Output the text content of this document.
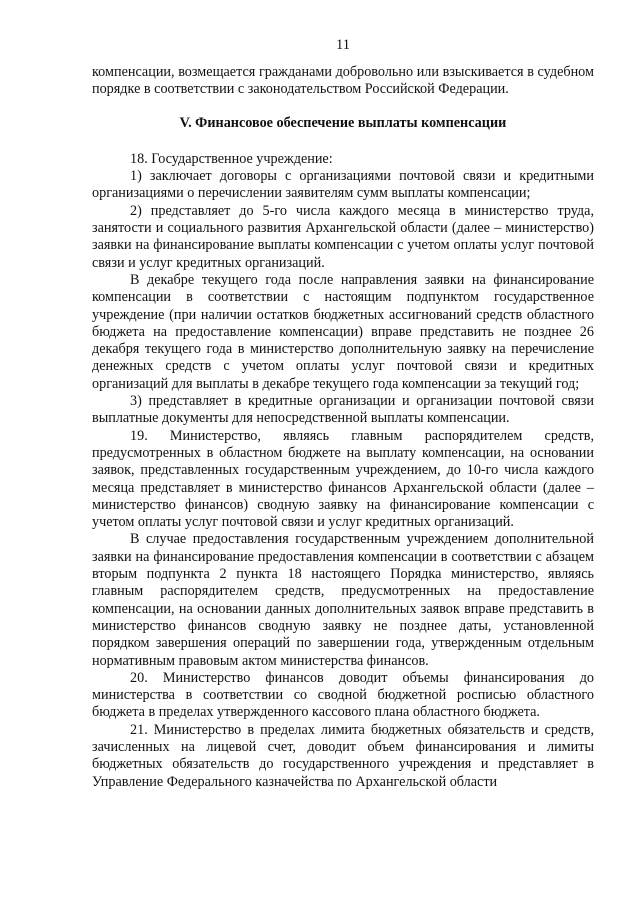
11

компенсации, возмещается гражданами добровольно или взыскивается в судебном порядке в соответствии с законодательством Российской Федерации.

V. Финансовое обеспечение выплаты компенсации

18. Государственное учреждение:

1) заключает договоры с организациями почтовой связи и кредитными организациями о перечислении заявителям сумм выплаты компенсации;

2) представляет до 5-го числа каждого месяца в министерство труда, занятости и социального развития Архангельской области (далее – министерство) заявки на финансирование выплаты компенсации с учетом оплаты услуг почтовой связи и услуг кредитных организаций.

В декабре текущего года после направления заявки на финансирование компенсации в соответствии с настоящим подпунктом государственное учреждение (при наличии остатков бюджетных ассигнований средств областного бюджета на предоставление компенсации) вправе представить не позднее 26 декабря текущего года в министерство дополнительную заявку на перечисление денежных средств с учетом оплаты услуг почтовой связи и кредитных организаций для выплаты в декабре текущего года компенсации за текущий год;

3) представляет в кредитные организации и организации почтовой связи выплатные документы для непосредственной выплаты компенсации.

19. Министерство, являясь главным распорядителем средств, предусмотренных в областном бюджете на выплату компенсации, на основании заявок, представленных государственным учреждением, до 10-го числа каждого месяца представляет в министерство финансов Архангельской области (далее – министерство финансов) сводную заявку на финансирование компенсации с учетом оплаты услуг почтовой связи и услуг кредитных организаций.

В случае предоставления государственным учреждением дополнительной заявки на финансирование предоставления компенсации в соответствии с абзацем вторым подпункта 2 пункта 18 настоящего Порядка министерство, являясь главным распорядителем средств, предусмотренных на предоставление компенсации, на основании данных дополнительных заявок вправе представить в министерство финансов сводную заявку не позднее даты, установленной порядком завершения операций по завершении года, утвержденным отдельным нормативным правовым актом министерства финансов.

20. Министерство финансов доводит объемы финансирования до министерства в соответствии со сводной бюджетной росписью областного бюджета в пределах утвержденного кассового плана областного бюджета.

21. Министерство в пределах лимита бюджетных обязательств и средств, зачисленных на лицевой счет, доводит объем финансирования и лимиты бюджетных обязательств до государственного учреждения и представляет в Управление Федерального казначейства по Архангельской области
